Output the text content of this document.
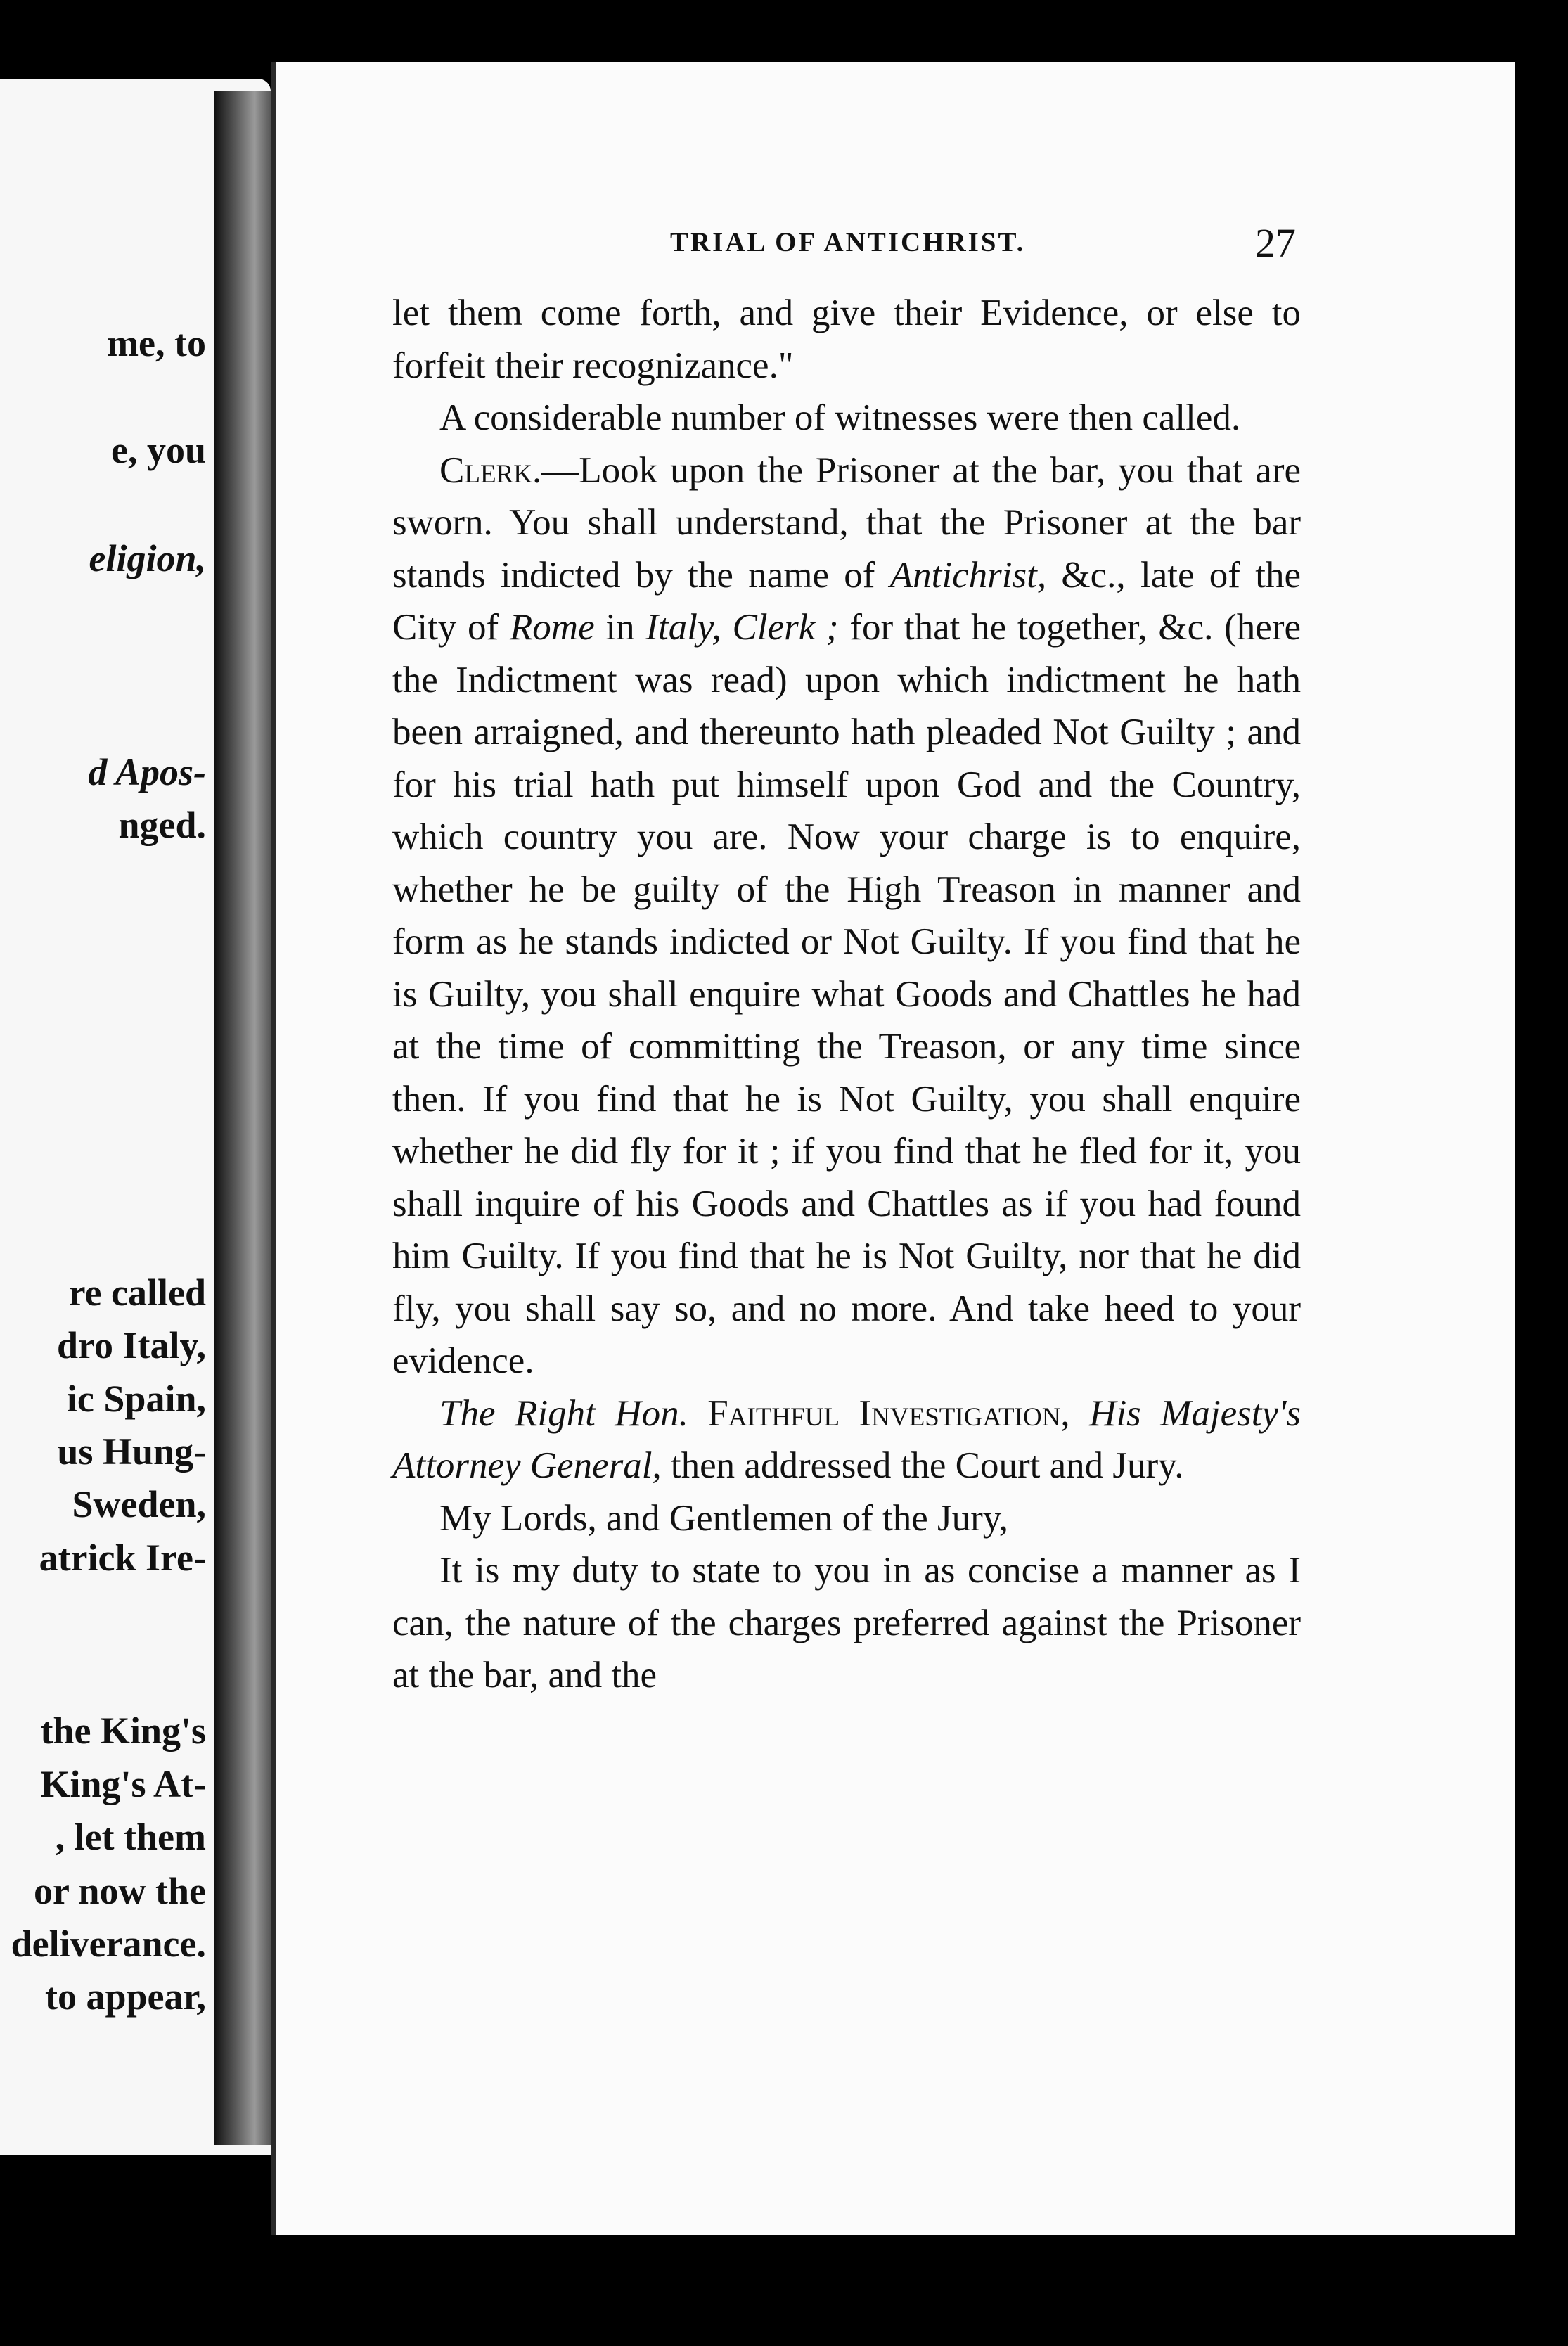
me, to
e, you
eligion,
d Apos-
nged.
re called
dro Italy,
ic Spain,
us Hung-
Sweden,
atrick Ire-
the King's
King's At-
, let them
or now the
deliverance.
to appear,
TRIAL OF ANTICHRIST.	27

let them come forth, and give their Evidence, or else to forfeit their recognizance."

A considerable number of witnesses were then called.

Clerk.—Look upon the Prisoner at the bar, you that are sworn. You shall understand, that the Prisoner at the bar stands indicted by the name of Antichrist, &c., late of the City of Rome in Italy, Clerk ; for that he together, &c. (here the Indictment was read) upon which indictment he hath been arraigned, and thereunto hath pleaded Not Guilty ; and for his trial hath put himself upon God and the Country, which country you are. Now your charge is to enquire, whether he be guilty of the High Treason in manner and form as he stands indicted or Not Guilty. If you find that he is Guilty, you shall enquire what Goods and Chattles he had at the time of committing the Treason, or any time since then. If you find that he is Not Guilty, you shall enquire whether he did fly for it ; if you find that he fled for it, you shall inquire of his Goods and Chattles as if you had found him Guilty. If you find that he is Not Guilty, nor that he did fly, you shall say so, and no more. And take heed to your evidence.

The Right Hon. Faithful Investigation, His Majesty's Attorney General, then addressed the Court and Jury.

My Lords, and Gentlemen of the Jury,

It is my duty to state to you in as concise a manner as I can, the nature of the charges preferred against the Prisoner at the bar, and the
